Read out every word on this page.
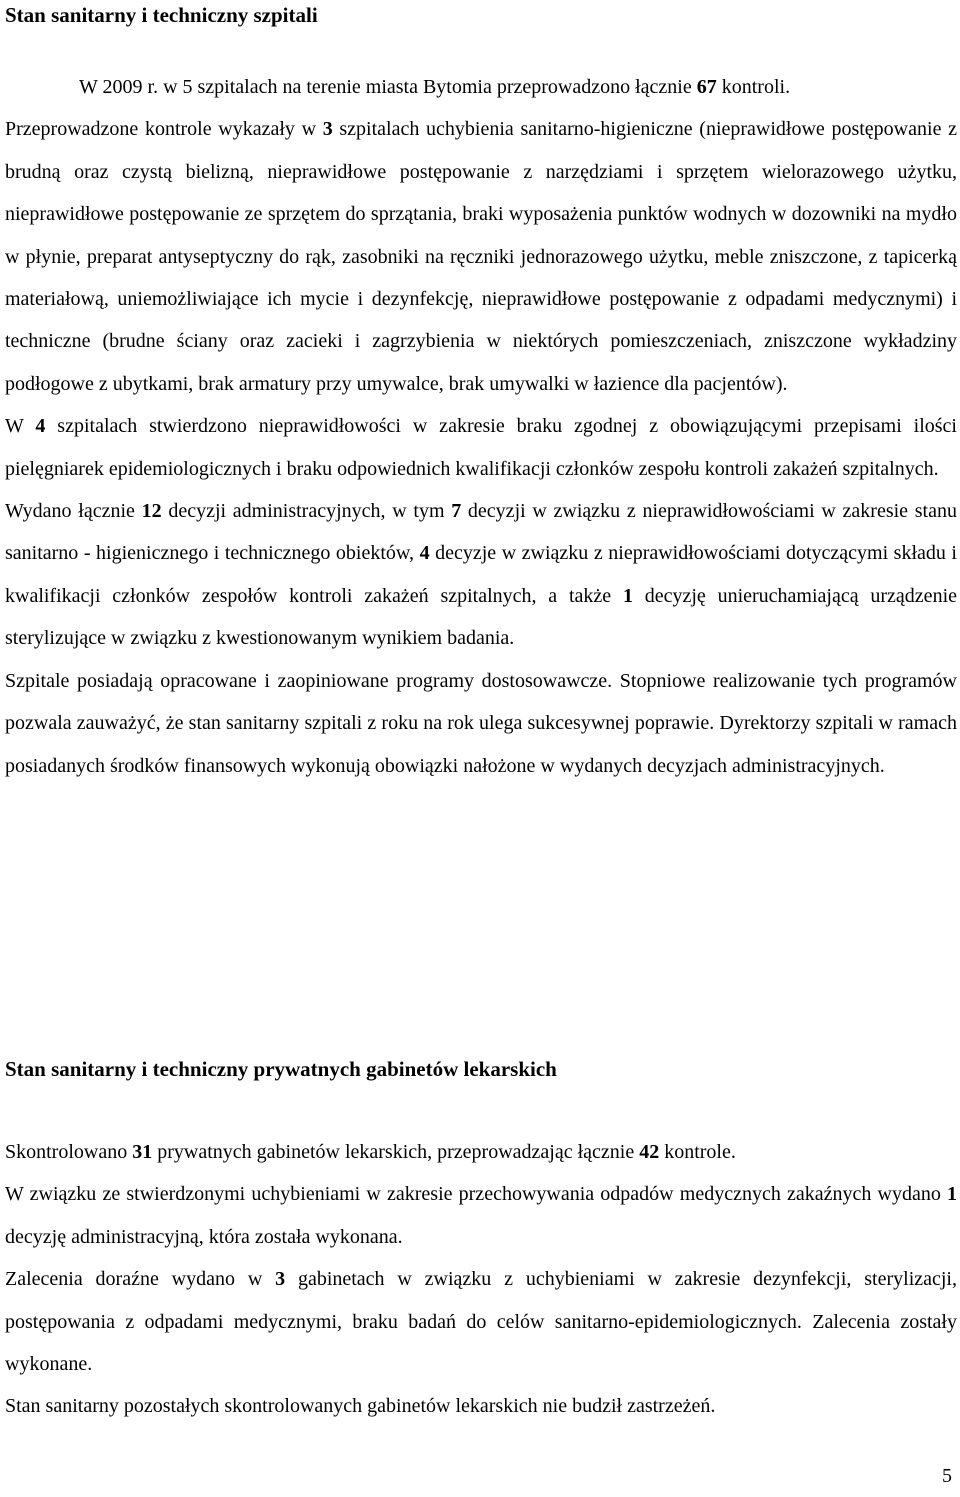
Stan sanitarny i techniczny szpitali

W 2009 r. w 5 szpitalach na terenie miasta Bytomia przeprowadzono łącznie 67 kontroli.

Przeprowadzone kontrole wykazały w 3 szpitalach uchybienia sanitarno-higieniczne (nieprawidłowe postępowanie z brudną oraz czystą bielizną, nieprawidłowe postępowanie z narzędziami i sprzętem wielorazowego użytku, nieprawidłowe postępowanie ze sprzętem do sprzątania, braki wyposażenia punktów wodnych w dozowniki na mydło w płynie, preparat antyseptyczny do rąk, zasobniki na ręczniki jednorazowego użytku, meble zniszczone, z tapicerką materiałową, uniemożliwiające ich mycie i dezynfekcję, nieprawidłowe postępowanie z odpadami medycznymi) i techniczne (brudne ściany oraz zacieki i zagrzybienia w niektórych pomieszczeniach, zniszczone wykładziny podłogowe z ubytkami, brak armatury przy umywalce, brak umywalki w łazience dla pacjentów).

W 4 szpitalach stwierdzono nieprawidłowości w zakresie braku zgodnej z obowiązującymi przepisami ilości pielęgniarek epidemiologicznych i braku odpowiednich kwalifikacji członków zespołu kontroli zakażeń szpitalnych.

Wydano łącznie 12 decyzji administracyjnych, w tym 7 decyzji w związku z nieprawidłowościami w zakresie stanu sanitarno - higienicznego i technicznego obiektów, 4 decyzje w związku z nieprawidłowościami dotyczącymi składu i kwalifikacji członków zespołów kontroli zakażeń szpitalnych, a także 1 decyzję unieruchamiającą urządzenie sterylizujące w związku z kwestionowanym wynikiem badania.

Szpitale posiadają opracowane i zaopiniowane programy dostosowawcze. Stopniowe realizowanie tych programów pozwala zauważyć, że stan sanitarny szpitali z roku na rok ulega sukcesywnej poprawie. Dyrektorzy szpitali w ramach posiadanych środków finansowych wykonują obowiązki nałożone w wydanych decyzjach administracyjnych.

Stan sanitarny i techniczny prywatnych gabinetów lekarskich

Skontrolowano 31 prywatnych gabinetów lekarskich, przeprowadzając łącznie 42 kontrole.

W związku ze stwierdzonymi uchybieniami w zakresie przechowywania odpadów medycznych zakaźnych wydano 1 decyzję administracyjną, która została wykonana.

Zalecenia doraźne wydano w 3 gabinetach w związku z uchybieniami w zakresie dezynfekcji, sterylizacji, postępowania z odpadami medycznymi, braku badań do celów sanitarno-epidemiologicznych. Zalecenia zostały wykonane.

Stan sanitarny pozostałych skontrolowanych gabinetów lekarskich nie budził zastrzeżeń.

5
